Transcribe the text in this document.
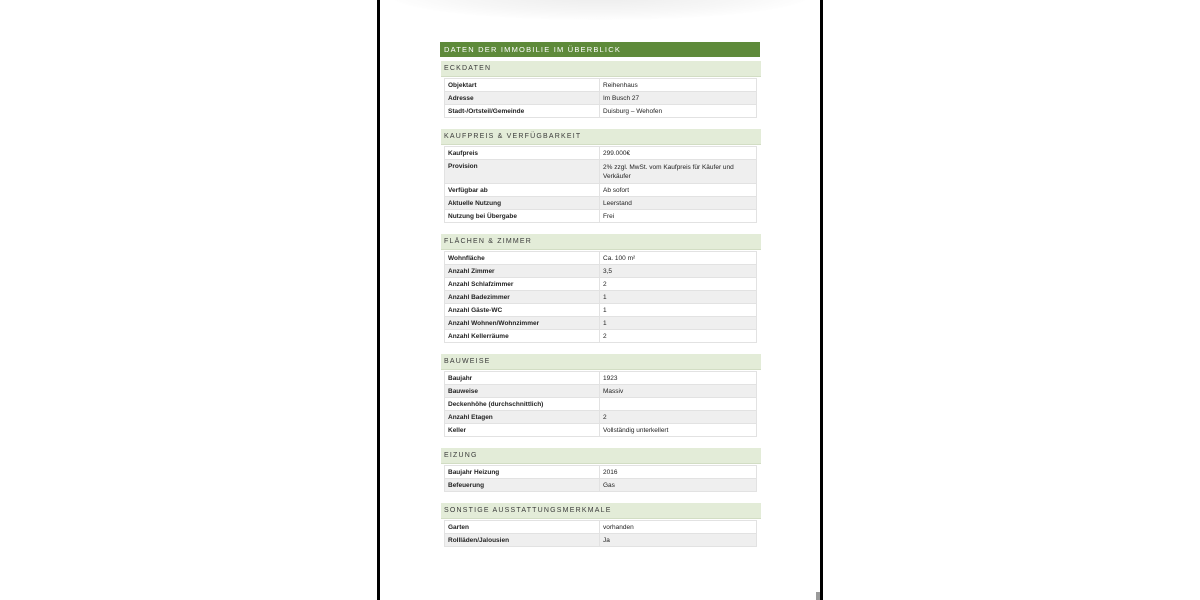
DATEN DER IMMOBILIE IM ÜBERBLICK
ECKDATEN
Objektart	Reihenhaus
Adresse	Im Busch 27
Stadt-/Ortsteil/Gemeinde	Duisburg – Wehofen
KAUFPREIS & VERFÜGBARKEIT
Kaufpreis	299.000€
Provision	2% zzgl. MwSt. vom Kaufpreis für Käufer und Verkäufer
Verfügbar ab	Ab sofort
Aktuelle Nutzung	Leerstand
Nutzung bei Übergabe	Frei
FLÄCHEN & ZIMMER
Wohnfläche	Ca. 100 m²
Anzahl Zimmer	3,5
Anzahl Schlafzimmer	2
Anzahl Badezimmer	1
Anzahl Gäste-WC	1
Anzahl Wohnen/Wohnzimmer	1
Anzahl Kellerräume	2
BAUWEISE
Baujahr	1923
Bauweise	Massiv
Deckenhöhe (durchschnittlich)	
Anzahl Etagen	2
Keller	Vollständig unterkellert
EIZUNG
Baujahr Heizung	2016
Befeuerung	Gas
SONSTIGE AUSSTATTUNGSMERKMALE
Garten	vorhanden
Rollläden/Jalousien	Ja
